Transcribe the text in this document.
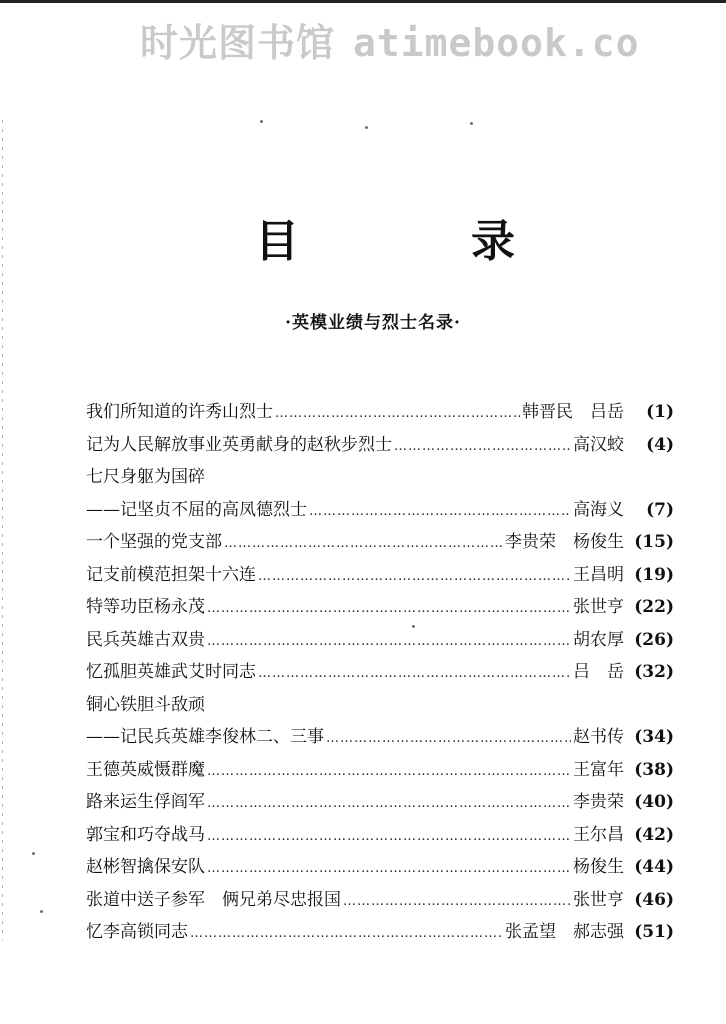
时光图书馆 atimebook.co
目	录
·英模业绩与烈士名录·
我们所知道的许秀山烈士 ………………………………………………………………………………………………………………	韩晋民　吕岳	(1)
记为人民解放事业英勇献身的赵秋步烈士 ………………………………………………………………………………………………………………	高汉蛟	(4)
七尺身躯为国碎
——记坚贞不屈的高凤德烈士 ………………………………………………………………………………………………………………	高海义	(7)
一个坚强的党支部 ………………………………………………………………………………………………………………	李贵荣　杨俊生 (15)
记支前模范担架十六连 ………………………………………………………………………………………………………………	王昌明 (19)
特等功臣杨永茂 ………………………………………………………………………………………………………………	张世亨 (22)
民兵英雄古双贵 ………………………………………………………………………………………………………………	胡农厚 (26)
忆孤胆英雄武艾时同志 ………………………………………………………………………………………………………………	吕　岳 (32)
铜心铁胆斗敌顽
——记民兵英雄李俊林二、三事 ………………………………………………………………………………………………………………	赵书传 (34)
王德英威慑群魔 ………………………………………………………………………………………………………………	王富年 (38)
路来运生俘阎军 ………………………………………………………………………………………………………………	李贵荣 (40)
郭宝和巧夺战马 ………………………………………………………………………………………………………………	王尔昌 (42)
赵彬智擒保安队 ………………………………………………………………………………………………………………	杨俊生 (44)
张道中送子参军　俩兄弟尽忠报国 ………………………………………………………………………………………………………………	张世亨 (46)
忆李高锁同志 ………………………………………………………………………………………………………………	张孟望　郝志强 (51)
